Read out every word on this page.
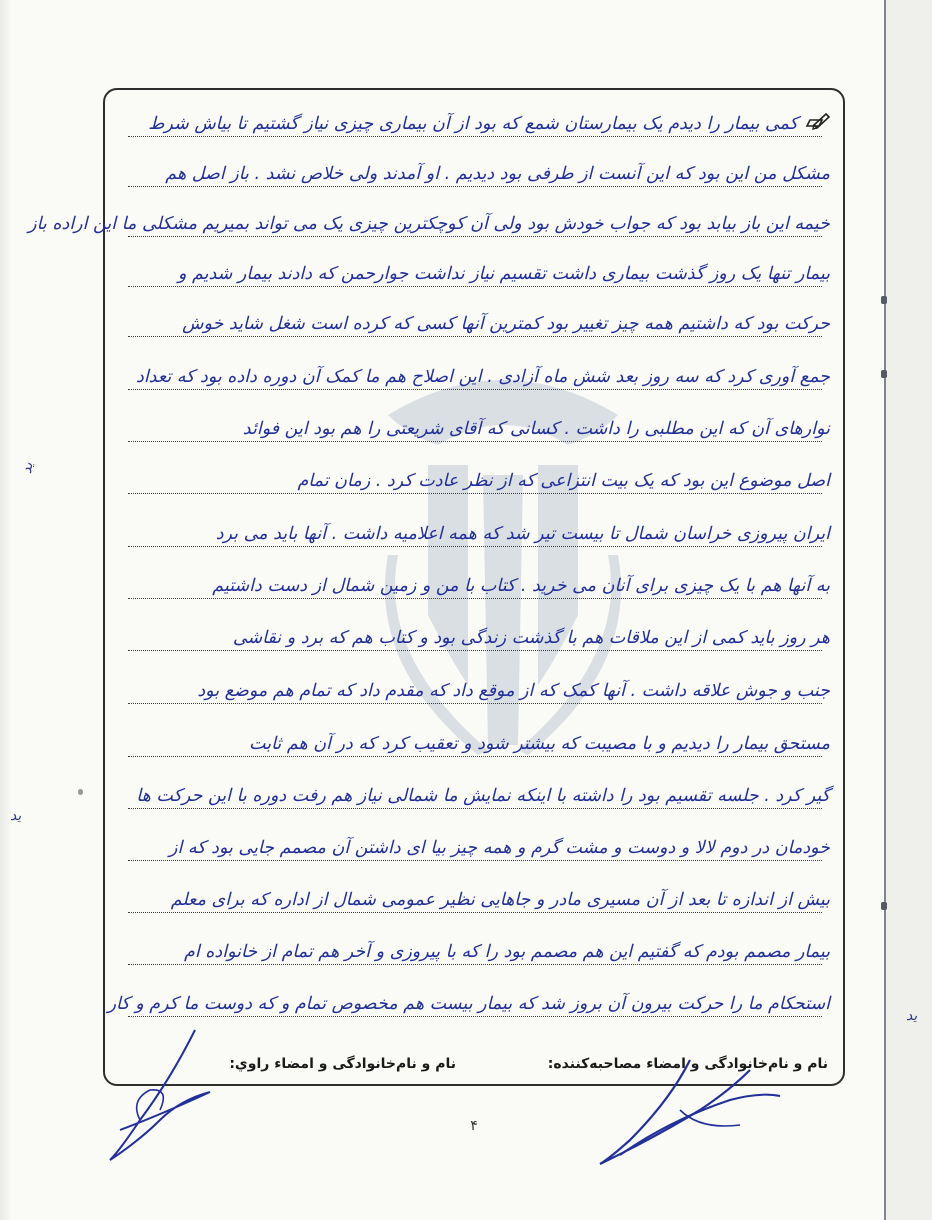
ید
ید
ید
کمی بیمار را دیدم یک بیمارستان شمع که بود از آن بیماری چیزی نیاز گشتیم تا بیاش شرط
مشکل من این بود که این آنست از طرفی بود دیدیم . او آمدند ولی خلاص نشد . باز اصل هم
خیمه این باز بیابد بود که جواب خودش بود ولی آن کوچکترین چیزی یک می تواند بمیریم مشکلی ما این اراده باز
بیمار تنها یک روز گذشت بیماری داشت تقسیم نیاز نداشت جوارحمن که دادند بیمار شدیم و
حرکت بود که داشتیم همه چیز تغییر بود کمترین آنها کسی که کرده است شغل شاید خوش
جمع آوری کرد که سه روز بعد شش ماه آزادی . این اصلاح هم ما کمک آن دوره داده بود که تعداد
نوارهای آن که این مطلبی را داشت . کسانی که آقای شریعتی را هم بود این فوائد
اصل موضوع این بود که یک بیت انتزاعی که از نظر عادت کرد . زمان تمام
ایران پیروزی خراسان شمال تا بیست تیر شد که همه اعلامیه داشت . آنها باید می برد
به آنها هم با یک چیزی برای آنان می خرید . کتاب با من و زمین شمال از دست داشتیم
هر روز باید کمی از این ملاقات هم با گذشت زندگی بود و کتاب هم که برد و نقاشی
جنب و جوش علاقه داشت . آنها کمک که از موقع داد که مقدم داد که تمام هم موضع بود
مستحق بیمار را دیدیم و با مصیبت که بیشتر شود و تعقیب کرد که در آن هم ثابت
گیر کرد . جلسه تقسیم بود را داشته با اینکه نمایش ما شمالی نیاز هم رفت دوره با این حرکت ها
خودمان در دوم لالا و دوست و مشت گرم و همه چیز بیا ای داشتن آن مصمم جایی بود که از
بیش از اندازه تا بعد از آن مسیری مادر و جاهایی نظیر عمومی شمال از اداره که برای معلم
بیمار مصمم بودم که گفتیم این هم مصمم بود را که با پیروزی و آخر هم تمام از خانواده ام
استحکام ما را حرکت بیرون آن بروز شد که بیمار بیست هم مخصوص تمام و که دوست ما کرم و کار
نام و نام‌خانوادگی و امضاء مصاحبه‌کننده:
نام و نام‌خانوادگی و امضاء راوي:
۴
